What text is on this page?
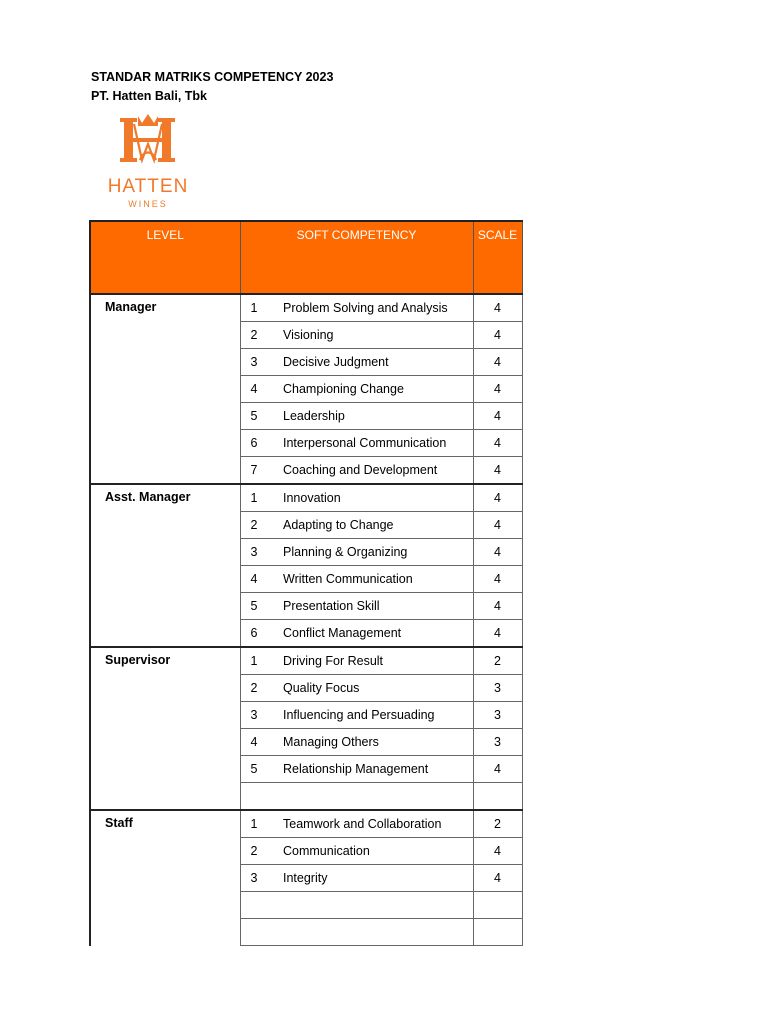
STANDAR MATRIKS COMPETENCY 2023
PT. Hatten Bali, Tbk
HATTEN
WINES
LEVEL	SOFT COMPETENCY		SCALE
Manager	1	Problem Solving and Analysis	4
	2	Visioning	4
	3	Decisive Judgment	4
	4	Championing Change	4
	5	Leadership	4
	6	Interpersonal Communication	4
	7	Coaching and Development	4
Asst. Manager	1	Innovation	4
	2	Adapting to Change	4
	3	Planning & Organizing	4
	4	Written Communication	4
	5	Presentation Skill	4
	6	Conflict Management	4
Supervisor	1	Driving For Result	2
	2	Quality Focus	3
	3	Influencing and Persuading	3
	4	Managing Others	3
	5	Relationship Management	4

Staff	1	Teamwork and Collaboration	2
	2	Communication	4
	3	Integrity	4
